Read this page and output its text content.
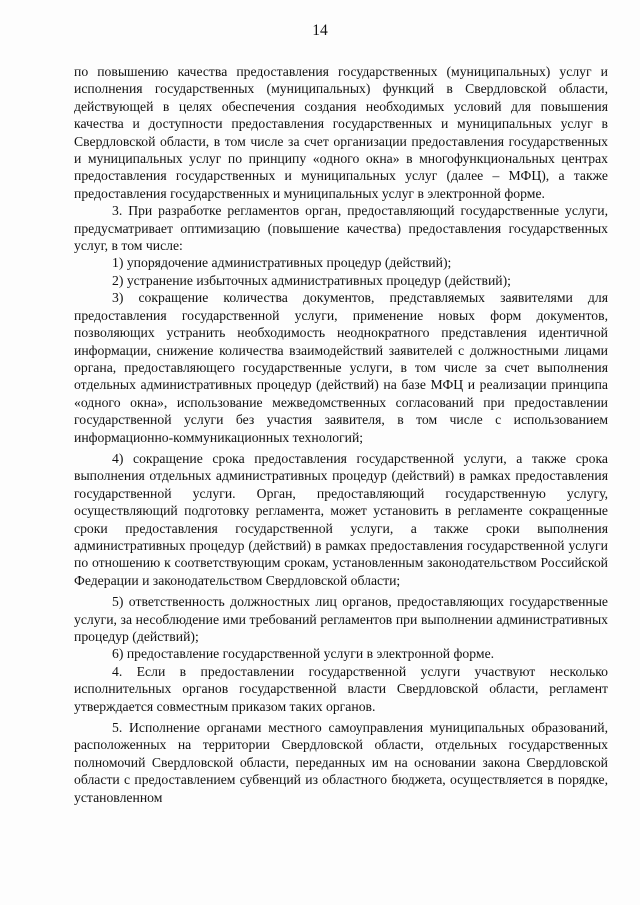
14

по повышению качества предоставления государственных (муниципальных) услуг и исполнения государственных (муниципальных) функций в Свердловской области, действующей в целях обеспечения создания необходимых условий для повышения качества и доступности предоставления государственных и муниципальных услуг в Свердловской области, в том числе за счет организации предоставления государственных и муниципальных услуг по принципу «одного окна» в многофункциональных центрах предоставления государственных и муниципальных услуг (далее – МФЦ), а также предоставления государственных и муниципальных услуг в электронной форме.

3. При разработке регламентов орган, предоставляющий государственные услуги, предусматривает оптимизацию (повышение качества) предоставления государственных услуг, в том числе:

1) упорядочение административных процедур (действий);

2) устранение избыточных административных процедур (действий);

3) сокращение количества документов, представляемых заявителями для предоставления государственной услуги, применение новых форм документов, позволяющих устранить необходимость неоднократного представления идентичной информации, снижение количества взаимодействий заявителей с должностными лицами органа, предоставляющего государственные услуги, в том числе за счет выполнения отдельных административных процедур (действий) на базе МФЦ и реализации принципа «одного окна», использование межведомственных согласований при предоставлении государственной услуги без участия заявителя, в том числе с использованием информационно-коммуникационных технологий;

4) сокращение срока предоставления государственной услуги, а также срока выполнения отдельных административных процедур (действий) в рамках предоставления государственной услуги. Орган, предоставляющий государственную услугу, осуществляющий подготовку регламента, может установить в регламенте сокращенные сроки предоставления государственной услуги, а также сроки выполнения административных процедур (действий) в рамках предоставления государственной услуги по отношению к соответствующим срокам, установленным законодательством Российской Федерации и законодательством Свердловской области;

5) ответственность должностных лиц органов, предоставляющих государственные услуги, за несоблюдение ими требований регламентов при выполнении административных процедур (действий);

6) предоставление государственной услуги в электронной форме.

4. Если в предоставлении государственной услуги участвуют несколько исполнительных органов государственной власти Свердловской области, регламент утверждается совместным приказом таких органов.

5. Исполнение органами местного самоуправления муниципальных образований, расположенных на территории Свердловской области, отдельных государственных полномочий Свердловской области, переданных им на основании закона Свердловской области с предоставлением субвенций из областного бюджета, осуществляется в порядке, установленном
